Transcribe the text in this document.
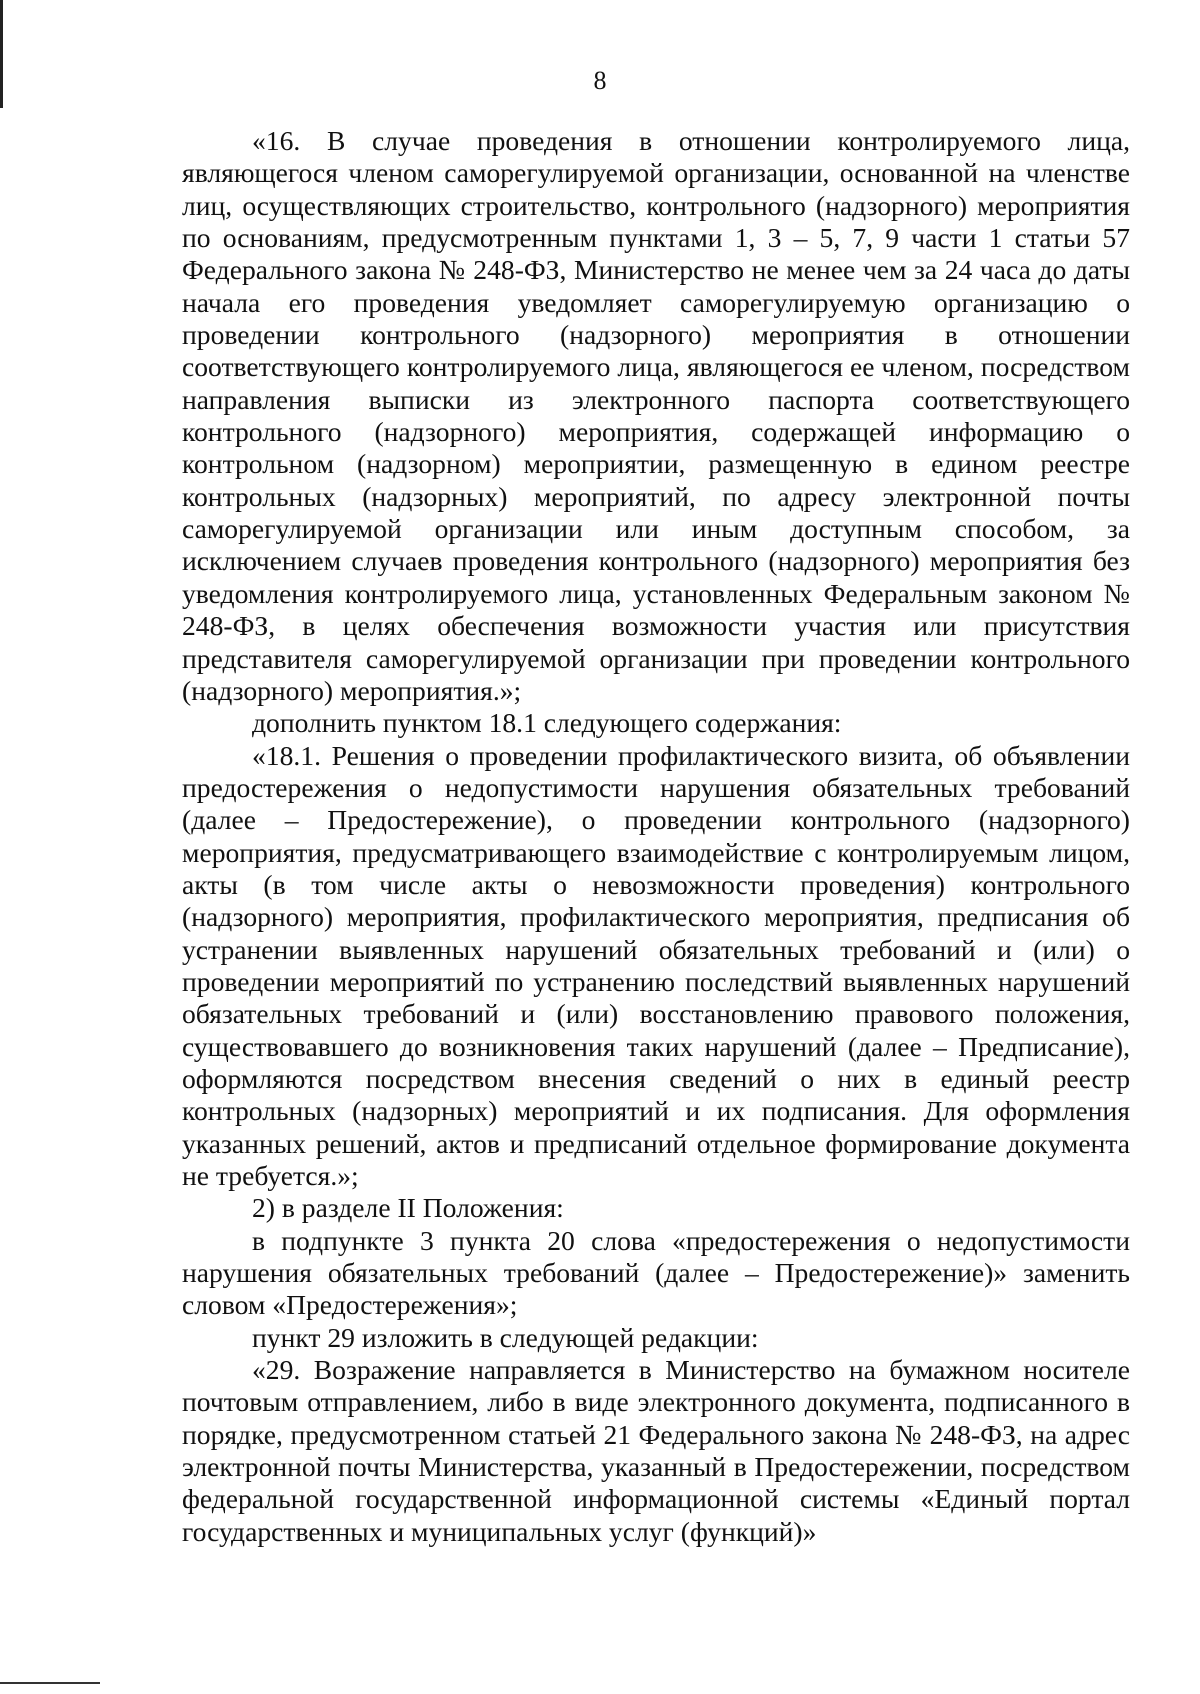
8

«16. В случае проведения в отношении контролируемого лица, являющегося членом саморегулируемой организации, основанной на членстве лиц, осуществляющих строительство, контрольного (надзорного) мероприятия по основаниям, предусмотренным пунктами 1, 3 – 5, 7, 9 части 1 статьи 57 Федерального закона № 248-ФЗ, Министерство не менее чем за 24 часа до даты начала его проведения уведомляет саморегулируемую организацию о проведении контрольного (надзорного) мероприятия в отношении соответствующего контролируемого лица, являющегося ее членом, посредством направления выписки из электронного паспорта соответствующего контрольного (надзорного) мероприятия, содержащей информацию о контрольном (надзорном) мероприятии, размещенную в едином реестре контрольных (надзорных) мероприятий, по адресу электронной почты саморегулируемой организации или иным доступным способом, за исключением случаев проведения контрольного (надзорного) мероприятия без уведомления контролируемого лица, установленных Федеральным законом № 248-ФЗ, в целях обеспечения возможности участия или присутствия представителя саморегулируемой организации при проведении контрольного (надзорного) мероприятия.»;

дополнить пунктом 18.1 следующего содержания:

«18.1. Решения о проведении профилактического визита, об объявлении предостережения о недопустимости нарушения обязательных требований (далее – Предостережение), о проведении контрольного (надзорного) мероприятия, предусматривающего взаимодействие с контролируемым лицом, акты (в том числе акты о невозможности проведения) контрольного (надзорного) мероприятия, профилактического мероприятия, предписания об устранении выявленных нарушений обязательных требований и (или) о проведении мероприятий по устранению последствий выявленных нарушений обязательных требований и (или) восстановлению правового положения, существовавшего до возникновения таких нарушений (далее – Предписание), оформляются посредством внесения сведений о них в единый реестр контрольных (надзорных) мероприятий и их подписания. Для оформления указанных решений, актов и предписаний отдельное формирование документа не требуется.»;

2) в разделе II Положения:

в подпункте 3 пункта 20 слова «предостережения о недопустимости нарушения обязательных требований (далее – Предостережение)» заменить словом «Предостережения»;

пункт 29 изложить в следующей редакции:

«29. Возражение направляется в Министерство на бумажном носителе почтовым отправлением, либо в виде электронного документа, подписанного в порядке, предусмотренном статьей 21 Федерального закона № 248-ФЗ, на адрес электронной почты Министерства, указанный в Предостережении, посредством федеральной государственной информационной системы «Единый портал государственных и муниципальных услуг (функций)»
